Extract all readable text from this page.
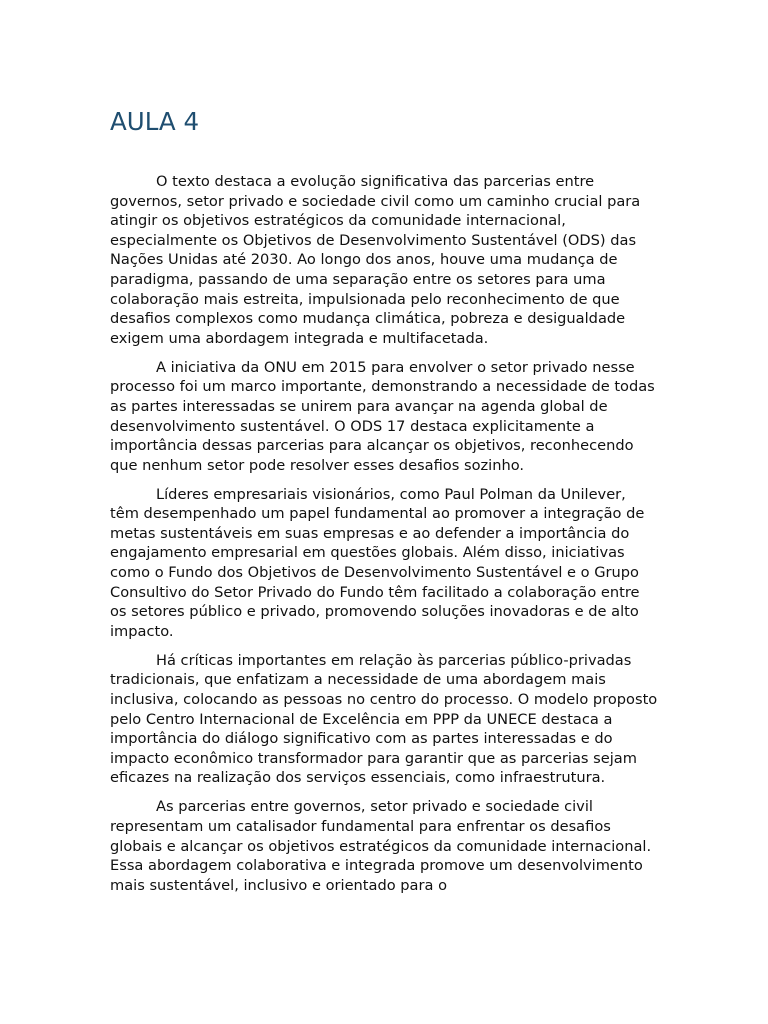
AULA 4

O texto destaca a evolução significativa das parcerias entre governos, setor privado e sociedade civil como um caminho crucial para atingir os objetivos estratégicos da comunidade internacional, especialmente os Objetivos de Desenvolvimento Sustentável (ODS) das Nações Unidas até 2030. Ao longo dos anos, houve uma mudança de paradigma, passando de uma separação entre os setores para uma colaboração mais estreita, impulsionada pelo reconhecimento de que desafios complexos como mudança climática, pobreza e desigualdade exigem uma abordagem integrada e multifacetada.

A iniciativa da ONU em 2015 para envolver o setor privado nesse processo foi um marco importante, demonstrando a necessidade de todas as partes interessadas se unirem para avançar na agenda global de desenvolvimento sustentável. O ODS 17 destaca explicitamente a importância dessas parcerias para alcançar os objetivos, reconhecendo que nenhum setor pode resolver esses desafios sozinho.

Líderes empresariais visionários, como Paul Polman da Unilever, têm desempenhado um papel fundamental ao promover a integração de metas sustentáveis em suas empresas e ao defender a importância do engajamento empresarial em questões globais. Além disso, iniciativas como o Fundo dos Objetivos de Desenvolvimento Sustentável e o Grupo Consultivo do Setor Privado do Fundo têm facilitado a colaboração entre os setores público e privado, promovendo soluções inovadoras e de alto impacto.

Há críticas importantes em relação às parcerias público-privadas tradicionais, que enfatizam a necessidade de uma abordagem mais inclusiva, colocando as pessoas no centro do processo. O modelo proposto pelo Centro Internacional de Excelência em PPP da UNECE destaca a importância do diálogo significativo com as partes interessadas e do impacto econômico transformador para garantir que as parcerias sejam eficazes na realização dos serviços essenciais, como infraestrutura.

As parcerias entre governos, setor privado e sociedade civil representam um catalisador fundamental para enfrentar os desafios globais e alcançar os objetivos estratégicos da comunidade internacional. Essa abordagem colaborativa e integrada promove um desenvolvimento mais sustentável, inclusivo e orientado para o
